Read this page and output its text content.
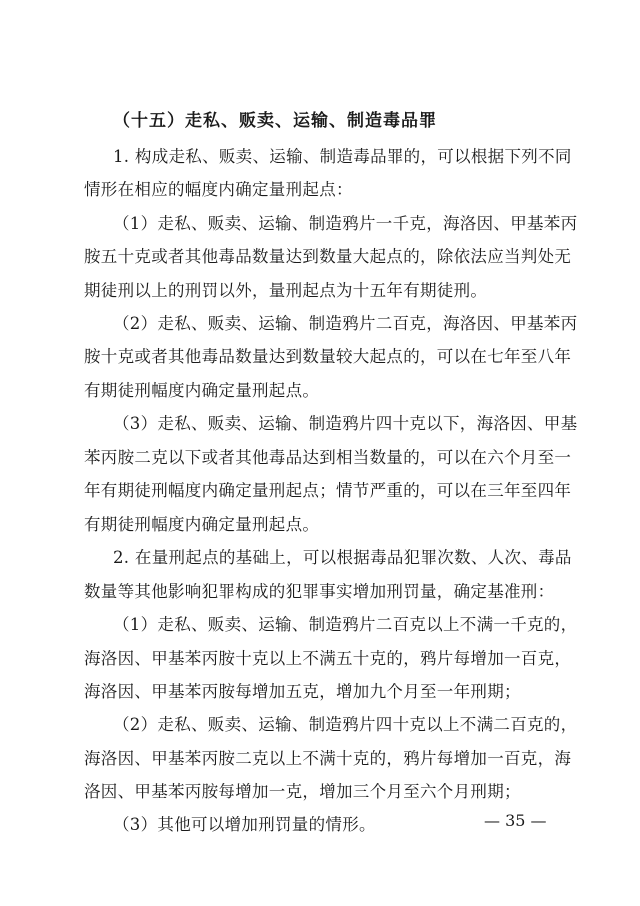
（十五）走私、贩卖、运输、制造毒品罪
1. 构成走私、贩卖、运输、制造毒品罪的，可以根据下列不同
情形在相应的幅度内确定量刑起点：
（1）走私、贩卖、运输、制造鸦片一千克，海洛因、甲基苯丙
胺五十克或者其他毒品数量达到数量大起点的，除依法应当判处无
期徒刑以上的刑罚以外，量刑起点为十五年有期徒刑。
（2）走私、贩卖、运输、制造鸦片二百克，海洛因、甲基苯丙
胺十克或者其他毒品数量达到数量较大起点的，可以在七年至八年
有期徒刑幅度内确定量刑起点。
（3）走私、贩卖、运输、制造鸦片四十克以下，海洛因、甲基
苯丙胺二克以下或者其他毒品达到相当数量的，可以在六个月至一
年有期徒刑幅度内确定量刑起点；情节严重的，可以在三年至四年
有期徒刑幅度内确定量刑起点。
2. 在量刑起点的基础上，可以根据毒品犯罪次数、人次、毒品
数量等其他影响犯罪构成的犯罪事实增加刑罚量，确定基准刑：
（1）走私、贩卖、运输、制造鸦片二百克以上不满一千克的，
海洛因、甲基苯丙胺十克以上不满五十克的，鸦片每增加一百克，
海洛因、甲基苯丙胺每增加五克，增加九个月至一年刑期；
（2）走私、贩卖、运输、制造鸦片四十克以上不满二百克的，
海洛因、甲基苯丙胺二克以上不满十克的，鸦片每增加一百克，海
洛因、甲基苯丙胺每增加一克，增加三个月至六个月刑期；
（3）其他可以增加刑罚量的情形。	— 35 —
